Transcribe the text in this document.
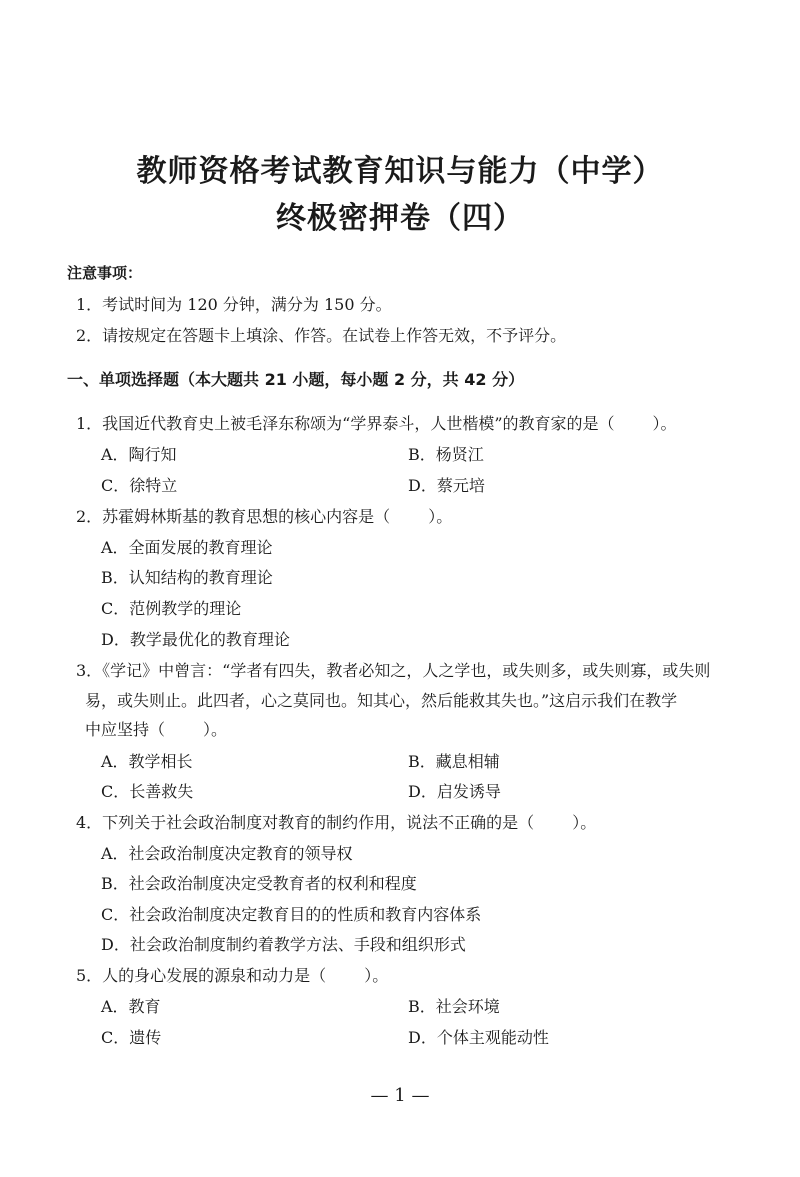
教师资格考试教育知识与能力（中学）
终极密押卷（四）
注意事项：
1．考试时间为 120 分钟，满分为 150 分。
2．请按规定在答题卡上填涂、作答。在试卷上作答无效，不予评分。
一、单项选择题（本大题共 21 小题，每小题 2 分，共 42 分）
1．我国近代教育史上被毛泽东称颂为“学界泰斗，人世楷模”的教育家的是（ ）。
A．陶行知	B．杨贤江
C．徐特立	D．蔡元培
2．苏霍姆林斯基的教育思想的核心内容是（ ）。
A．全面发展的教育理论
B．认知结构的教育理论
C．范例教学的理论
D．教学最优化的教育理论
3．《学记》中曾言：“学者有四失，教者必知之，人之学也，或失则多，或失则寡，或失则
易，或失则止。此四者，心之莫同也。知其心，然后能救其失也。”这启示我们在教学
中应坚持（ ）。
A．教学相长	B．藏息相辅
C．长善救失	D．启发诱导
4．下列关于社会政治制度对教育的制约作用，说法不正确的是（ ）。
A．社会政治制度决定教育的领导权
B．社会政治制度决定受教育者的权利和程度
C．社会政治制度决定教育目的的性质和教育内容体系
D．社会政治制度制约着教学方法、手段和组织形式
5．人的身心发展的源泉和动力是（ ）。
A．教育	B．社会环境
C．遗传	D．个体主观能动性
— 1 —
